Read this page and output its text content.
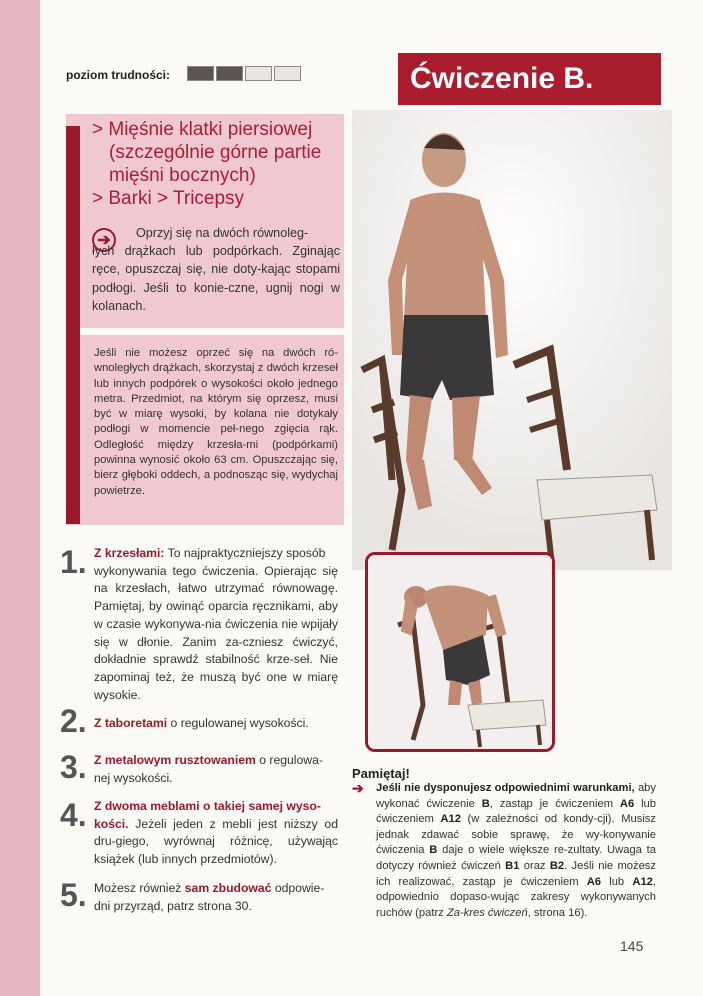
poziom trudności:	Ćwiczenie B.
> Mięśnie klatki piersiowej
(szczególnie górne partie
mięśni bocznych)
> Barki > Tricepsy
➔	Oprzyj się na dwóch równoleg-
łych drążkach lub podpórkach. Zginając ręce, opuszczaj się, nie doty-kając stopami podłogi. Jeśli to konie-czne, ugnij nogi w kolanach.
Jeśli nie możesz oprzeć się na dwóch ró-wnoległych drążkach, skorzystaj z dwóch krzeseł lub innych podpórek o wysokości około jednego metra. Przedmiot, na którym się oprzesz, musi być w miarę wysoki, by kolana nie dotykały podłogi w momencie peł-nego zgięcia rąk. Odległość między krzesła-mi (podpórkami) powinna wynosić około 63 cm. Opuszczając się, bierz głęboki oddech, a podnosząc się, wydychaj powietrze.
1. Z krzesłami: To najpraktyczniejszy sposób
wykonywania tego ćwiczenia. Opierając się na krzesłach, łatwo utrzymać równowagę. Pamiętaj, by owinąć oparcia ręcznikami, aby w czasie wykonywa-nia ćwiczenia nie wpijały się w dłonie. Zanim za-czniesz ćwiczyć, dokładnie sprawdź stabilność krze-seł. Nie zapominaj też, że muszą być one w miarę wysokie.
2. Z taboretami o regulowanej wysokości.
3. Z metalowym rusztowaniem o regulowa-
nej wysokości.
4. Z dwoma meblami o takiej samej wyso-
kości. Jeżeli jeden z mebli jest niższy od dru-giego, wyrównaj różnicę, używając książek (lub innych przedmiotów).
5. Możesz również sam zbudować odpowie-
dni przyrząd, patrz strona 30.
Pamiętaj!
➔ Jeśli nie dysponujesz odpowiednimi warunkami, aby wykonać ćwiczenie B, zastąp je ćwiczeniem A6 lub ćwiczeniem A12 (w zależności od kondy-cji). Musisz jednak zdawać sobie sprawę, że wy-konywanie ćwiczenia B daje o wiele większe re-zultaty. Uwaga ta dotyczy również ćwiczeń B1 oraz B2. Jeśli nie możesz ich realizować, zastąp je ćwiczeniem A6 lub A12, odpowiednio dopaso-wując zakresy wykonywanych ruchów (patrz Za-kres ćwiczeń, strona 16).
145
